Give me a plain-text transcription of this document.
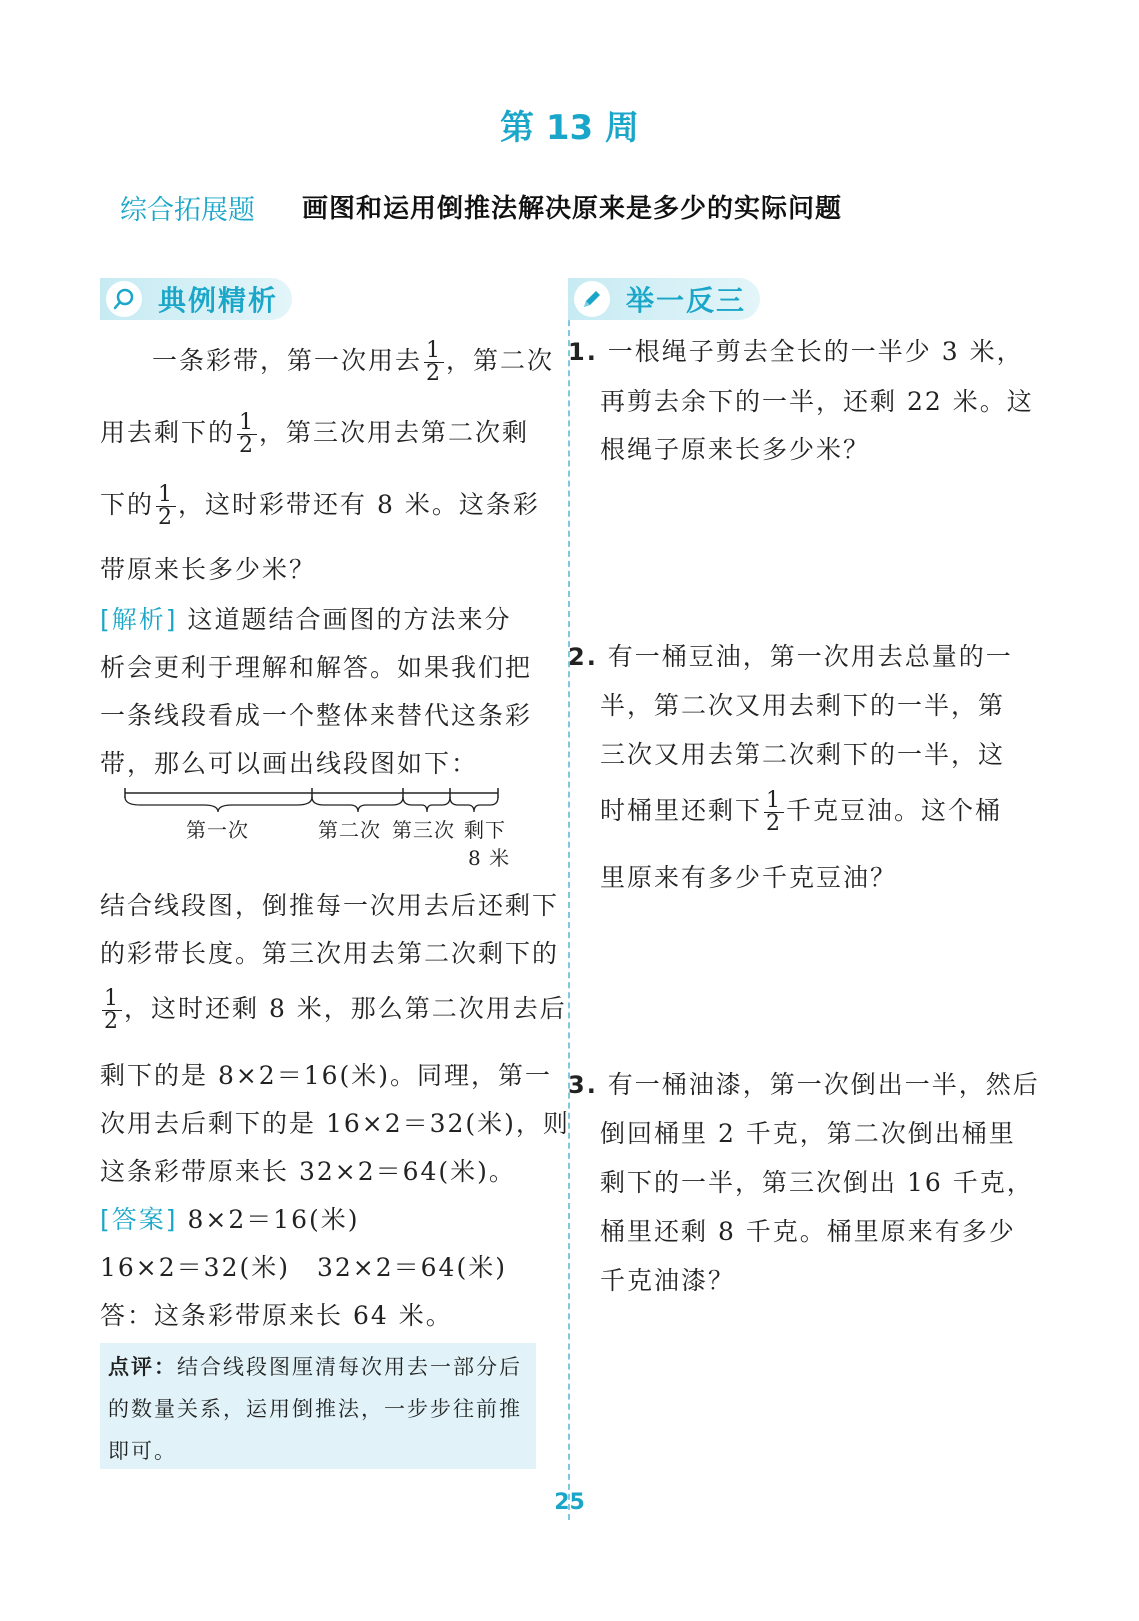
第 13 周
综合拓展题 画图和运用倒推法解决原来是多少的实际问题
典例精析
一条彩带，第一次用去 $\frac{1}{2}$ ，第二次
用去剩下的 $\frac{1}{2}$ ，第三次用去第二次剩
下的 $\frac{1}{2}$ ，这时彩带还有 8 米。这条彩
带原来长多少米？
[解析] 这道题结合画图的方法来分
析会更利于理解和解答。如果我们把
一条线段看成一个整体来替代这条彩
带，那么可以画出线段图如下：
第一次	第二次 第三次 剩下
8 米
结合线段图，倒推每一次用去后还剩下
的彩带长度。第三次用去第二次剩下的
$\frac{1}{2}$ ，这时还剩 8 米，那么第二次用去后
剩下的是 8×2＝16(米)。同理，第一
次用去后剩下的是 16×2＝32(米)，则
这条彩带原来长 32×2＝64(米)。
[答案] 8×2＝16(米)
16×2＝32(米)　32×2＝64(米)
答：这条彩带原来长 64 米。
点评：结合线段图厘清每次用去一部分后
的数量关系，运用倒推法，一步步往前推
即可。
举一反三
1. 一根绳子剪去全长的一半少 3 米，
再剪去余下的一半，还剩 22 米。这
根绳子原来长多少米？
2. 有一桶豆油，第一次用去总量的一
半，第二次又用去剩下的一半，第
三次又用去第二次剩下的一半，这
时桶里还剩下 $\frac{1}{2}$ 千克豆油。这个桶
里原来有多少千克豆油？
3. 有一桶油漆，第一次倒出一半，然后
倒回桶里 2 千克，第二次倒出桶里
剩下的一半，第三次倒出 16 千克，
桶里还剩 8 千克。桶里原来有多少
千克油漆？
25
